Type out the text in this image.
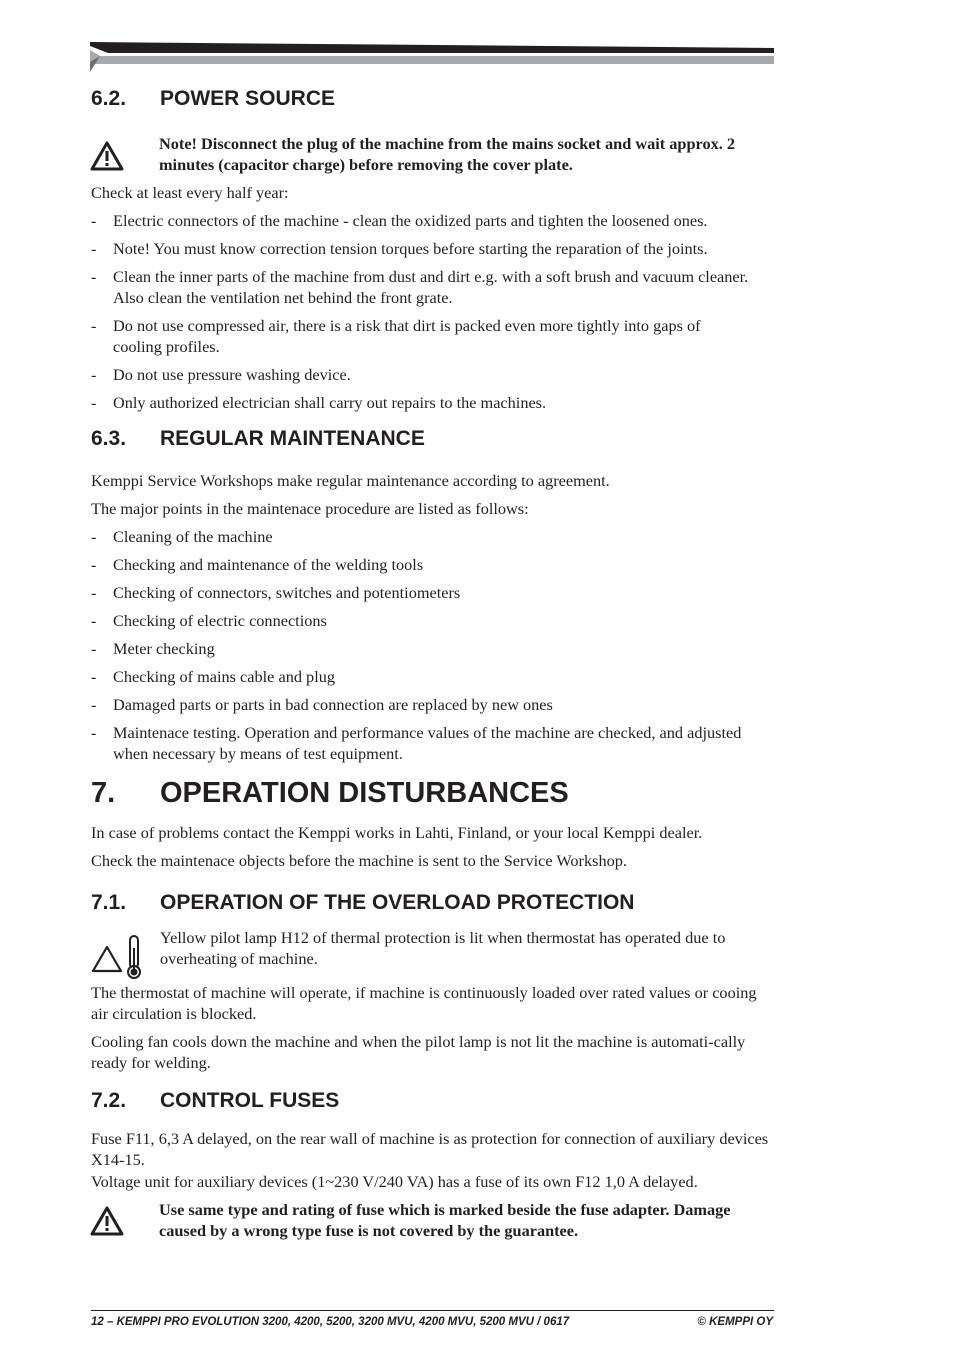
6.2. POWER SOURCE
Note! Disconnect the plug of the machine from the mains socket and wait approx. 2 minutes (capacitor charge) before removing the cover plate.

Check at least every half year:

- Electric connectors of the machine - clean the oxidized parts and tighten the loosened ones.
- Note! You must know correction tension torques before starting the reparation of the joints.
- Clean the inner parts of the machine from dust and dirt e.g. with a soft brush and vacuum cleaner. Also clean the ventilation net behind the front grate.
- Do not use compressed air, there is a risk that dirt is packed even more tightly into gaps of cooling profiles.
- Do not use pressure washing device.
- Only authorized electrician shall carry out repairs to the machines.
6.3. REGULAR MAINTENANCE

Kemppi Service Workshops make regular maintenance according to agreement.

The major points in the maintenace procedure are listed as follows:

- Cleaning of the machine
- Checking and maintenance of the welding tools
- Checking of connectors, switches and potentiometers
- Checking of electric connections
- Meter checking
- Checking of mains cable and plug
- Damaged parts or parts in bad connection are replaced by new ones
- Maintenace testing. Operation and performance values of the machine are checked, and adjusted when necessary by means of test equipment.
7. OPERATION DISTURBANCES

In case of problems contact the Kemppi works in Lahti, Finland, or your local Kemppi dealer.

Check the maintenace objects before the machine is sent to the Service Workshop.

7.1. OPERATION OF THE OVERLOAD PROTECTION
Yellow pilot lamp H12 of thermal protection is lit when thermostat has operated due to overheating of machine.

The thermostat of machine will operate, if machine is continuously loaded over rated values or cooing air circulation is blocked.

Cooling fan cools down the machine and when the pilot lamp is not lit the machine is automati-cally ready for welding.

7.2. CONTROL FUSES

Fuse F11, 6,3 A delayed, on the rear wall of machine is as protection for connection of auxiliary devices X14-15.

Voltage unit for auxiliary devices (1~230 V/240 VA) has a fuse of its own F12 1,0 A delayed.

Use same type and rating of fuse which is marked beside the fuse adapter. Damage caused by a wrong type fuse is not covered by the guarantee.
12 – KEMPPI PRO EVOLUTION 3200, 4200, 5200, 3200 MVU, 4200 MVU, 5200 MVU / 0617	© KEMPPI OY
